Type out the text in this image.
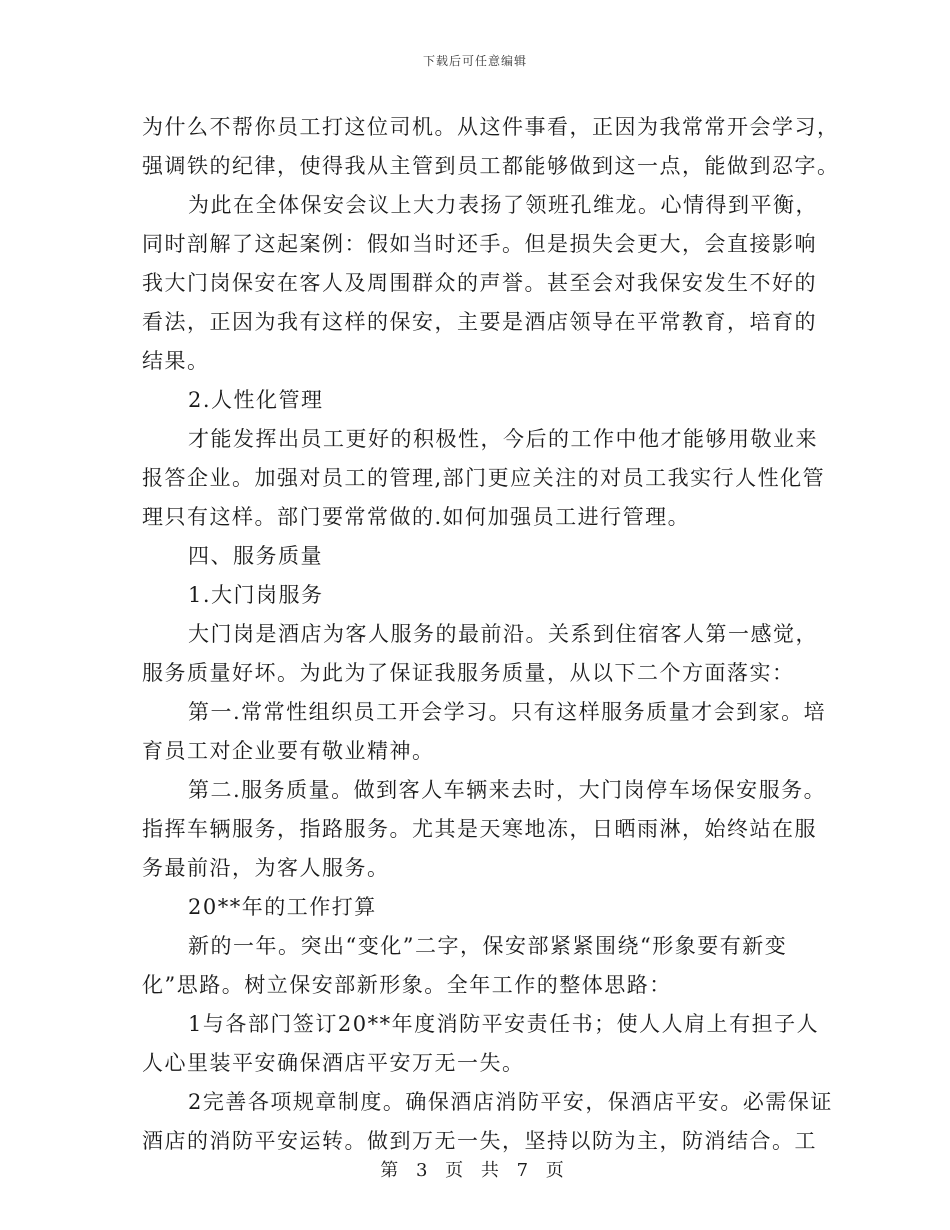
下载后可任意编辑
为什么不帮你员工打这位司机。从这件事看，正因为我常常开会学习，
强调铁的纪律，使得我从主管到员工都能够做到这一点，能做到忍字。
为此在全体保安会议上大力表扬了领班孔维龙。心情得到平衡，
同时剖解了这起案例：假如当时还手。但是损失会更大，会直接影响
我大门岗保安在客人及周围群众的声誉。甚至会对我保安发生不好的
看法，正因为我有这样的保安，主要是酒店领导在平常教育，培育的
结果。
2.人性化管理
才能发挥出员工更好的积极性，今后的工作中他才能够用敬业来
报答企业。加强对员工的管理,部门更应关注的对员工我实行人性化管
理只有这样。部门要常常做的.如何加强员工进行管理。
四、服务质量
1.大门岗服务
大门岗是酒店为客人服务的最前沿。关系到住宿客人第一感觉，
服务质量好坏。为此为了保证我服务质量，从以下二个方面落实：
第一.常常性组织员工开会学习。只有这样服务质量才会到家。培
育员工对企业要有敬业精神。
第二.服务质量。做到客人车辆来去时，大门岗停车场保安服务。
指挥车辆服务，指路服务。尤其是天寒地冻，日晒雨淋，始终站在服
务最前沿，为客人服务。
20**年的工作打算
新的一年。突出“变化”二字，保安部紧紧围绕“形象要有新变
化”思路。树立保安部新形象。全年工作的整体思路：
1与各部门签订20**年度消防平安责任书；使人人肩上有担子人
人心里装平安确保酒店平安万无一失。
2完善各项规章制度。确保酒店消防平安，保酒店平安。必需保证
酒店的消防平安运转。做到万无一失，坚持以防为主，防消结合。工
第 3 页 共 7 页
